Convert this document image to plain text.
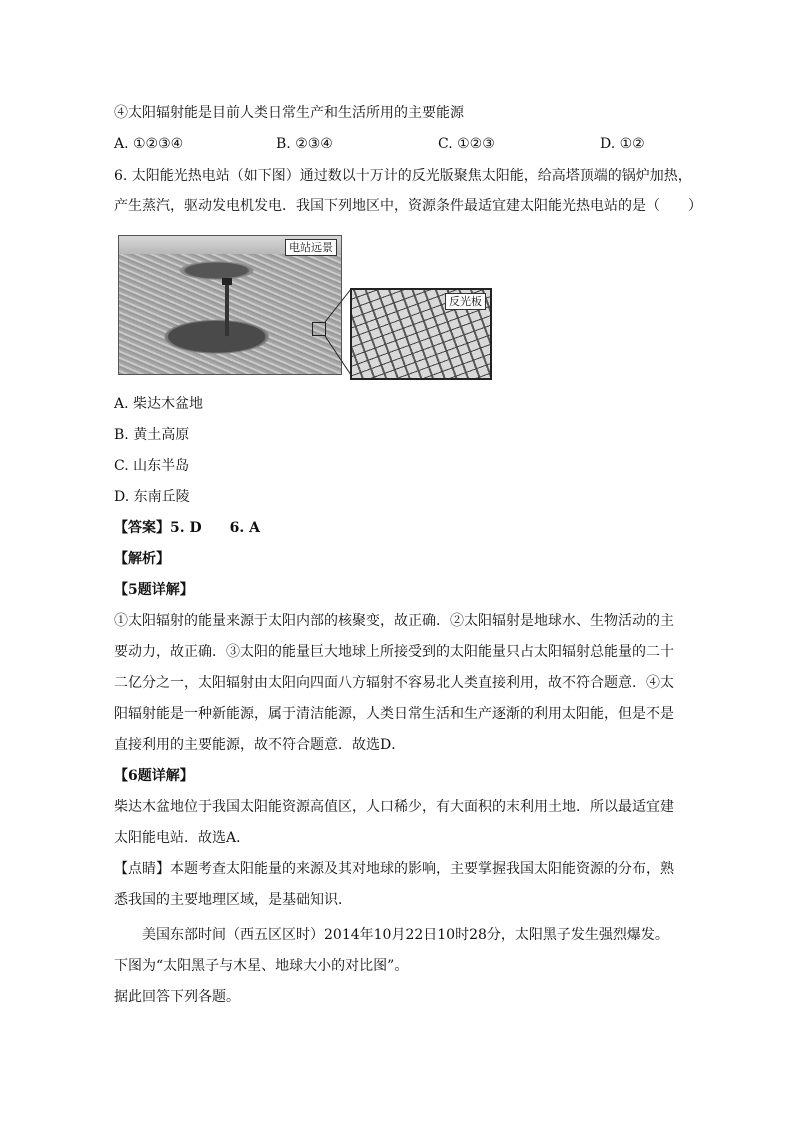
④太阳辐射能是目前人类日常生产和生活所用的主要能源
A. ①②③④	B. ②③④	C. ①②③	D. ①②
6. 太阳能光热电站（如下图）通过数以十万计的反光版聚焦太阳能，给高塔顶端的锅炉加热，
产生蒸汽，驱动发电机发电．我国下列地区中，资源条件最适宜建太阳能光热电站的是（　　）
电站远景
反光板
A. 柴达木盆地
B. 黄土高原
C. 山东半岛
D. 东南丘陵
【答案】5. D　　6. A
【解析】
【5题详解】
①太阳辐射的能量来源于太阳内部的核聚变，故正确．②太阳辐射是地球水、生物活动的主
要动力，故正确．③太阳的能量巨大地球上所接受到的太阳能量只占太阳辐射总能量的二十
二亿分之一，太阳辐射由太阳向四面八方辐射不容易北人类直接利用，故不符合题意．④太
阳辐射能是一种新能源，属于清洁能源，人类日常生活和生产逐渐的利用太阳能，但是不是
直接利用的主要能源，故不符合题意．故选D．
【6题详解】
柴达木盆地位于我国太阳能资源高值区，人口稀少，有大面积的末利用土地．所以最适宜建
太阳能电站．故选A．
【点睛】本题考查太阳能量的来源及其对地球的影响，主要掌握我国太阳能资源的分布，熟
悉我国的主要地理区域，是基础知识．
美国东部时间（西五区区时）2014年10月22日10时28分，太阳黑子发生强烈爆发。
下图为“太阳黑子与木星、地球大小的对比图”。
据此回答下列各题。
